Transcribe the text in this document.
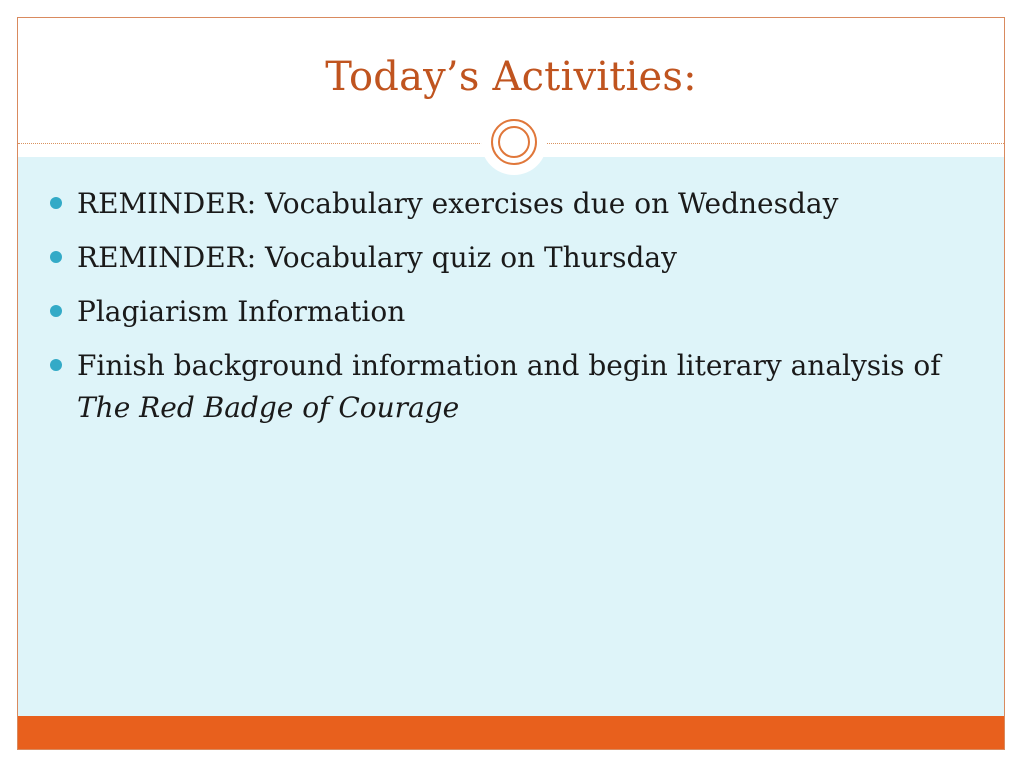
Today’s Activities:
REMINDER: Vocabulary exercises due on Wednesday
REMINDER: Vocabulary quiz on Thursday
Plagiarism Information
Finish background information and begin literary analysis of The Red Badge of Courage
